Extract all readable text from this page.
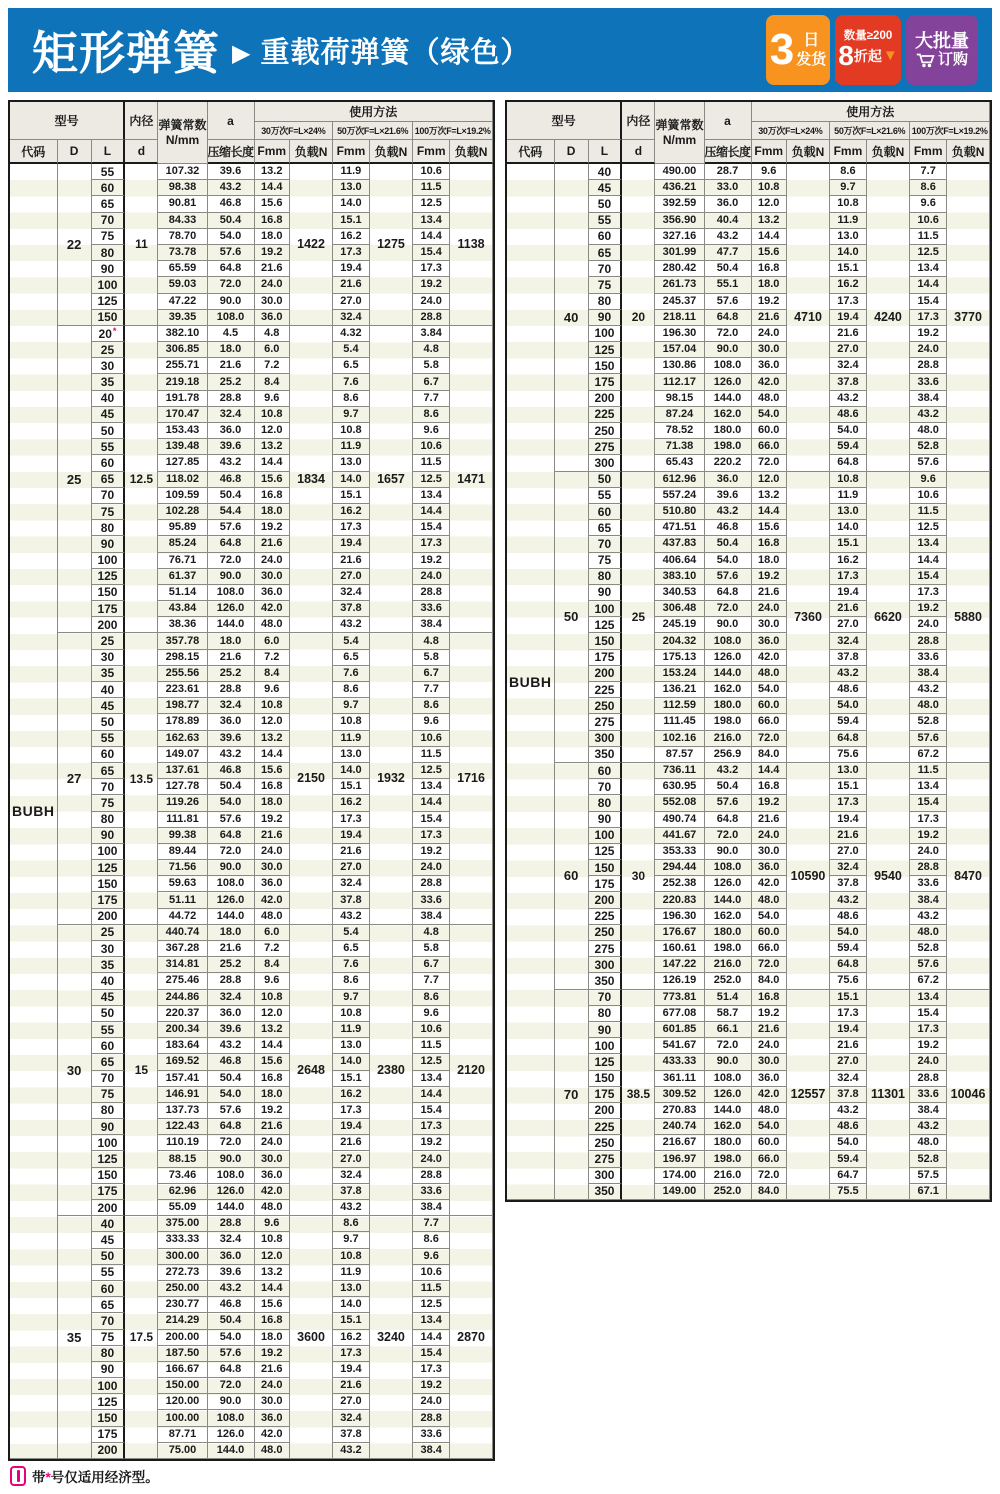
矩形弹簧 ▶ 重载荷弹簧（绿色）	3 日
发货
数量≥200
8 折起 ▼
大批量
订购
型号			内径	弹簧常数
N/mm	a	使用方法					
						30万次F=L×24%		50万次F=L×21.6%		100万次F=L×19.2%	
代码	D	L	d		压缩长度	Fmm	负载N	Fmm	负载N	Fmm	负载N
BUBH	22	55	11	107.32	39.6	13.2	1422	11.9	1275	10.6	1138
		60		98.38	43.2	14.4		13.0		11.5	
		65		90.81	46.8	15.6		14.0		12.5	
		70		84.33	50.4	16.8		15.1		13.4	
		75		78.70	54.0	18.0		16.2		14.4	
		80		73.78	57.6	19.2		17.3		15.4	
		90		65.59	64.8	21.6		19.4		17.3	
		100		59.03	72.0	24.0		21.6		19.2	
		125		47.22	90.0	30.0		27.0		24.0	
		150		39.35	108.0	36.0		32.4		28.8	
	25	20*	12.5	382.10	4.5	4.8	1834	4.32	1657	3.84	1471
		25		306.85	18.0	6.0		5.4		4.8	
		30		255.71	21.6	7.2		6.5		5.8	
		35		219.18	25.2	8.4		7.6		6.7	
		40		191.78	28.8	9.6		8.6		7.7	
		45		170.47	32.4	10.8		9.7		8.6	
		50		153.43	36.0	12.0		10.8		9.6	
		55		139.48	39.6	13.2		11.9		10.6	
		60		127.85	43.2	14.4		13.0		11.5	
		65		118.02	46.8	15.6		14.0		12.5	
		70		109.59	50.4	16.8		15.1		13.4	
		75		102.28	54.4	18.0		16.2		14.4	
		80		95.89	57.6	19.2		17.3		15.4	
		90		85.24	64.8	21.6		19.4		17.3	
		100		76.71	72.0	24.0		21.6		19.2	
		125		61.37	90.0	30.0		27.0		24.0	
		150		51.14	108.0	36.0		32.4		28.8	
		175		43.84	126.0	42.0		37.8		33.6	
		200		38.36	144.0	48.0		43.2		38.4	
	27	25	13.5	357.78	18.0	6.0	2150	5.4	1932	4.8	1716
		30		298.15	21.6	7.2		6.5		5.8	
		35		255.56	25.2	8.4		7.6		6.7	
		40		223.61	28.8	9.6		8.6		7.7	
		45		198.77	32.4	10.8		9.7		8.6	
		50		178.89	36.0	12.0		10.8		9.6	
		55		162.63	39.6	13.2		11.9		10.6	
		60		149.07	43.2	14.4		13.0		11.5	
		65		137.61	46.8	15.6		14.0		12.5	
		70		127.78	50.4	16.8		15.1		13.4	
		75		119.26	54.0	18.0		16.2		14.4	
		80		111.81	57.6	19.2		17.3		15.4	
		90		99.38	64.8	21.6		19.4		17.3	
		100		89.44	72.0	24.0		21.6		19.2	
		125		71.56	90.0	30.0		27.0		24.0	
		150		59.63	108.0	36.0		32.4		28.8	
		175		51.11	126.0	42.0		37.8		33.6	
		200		44.72	144.0	48.0		43.2		38.4	
	30	25	15	440.74	18.0	6.0	2648	5.4	2380	4.8	2120
		30		367.28	21.6	7.2		6.5		5.8	
		35		314.81	25.2	8.4		7.6		6.7	
		40		275.46	28.8	9.6		8.6		7.7	
		45		244.86	32.4	10.8		9.7		8.6	
		50		220.37	36.0	12.0		10.8		9.6	
		55		200.34	39.6	13.2		11.9		10.6	
		60		183.64	43.2	14.4		13.0		11.5	
		65		169.52	46.8	15.6		14.0		12.5	
		70		157.41	50.4	16.8		15.1		13.4	
		75		146.91	54.0	18.0		16.2		14.4	
		80		137.73	57.6	19.2		17.3		15.4	
		90		122.43	64.8	21.6		19.4		17.3	
		100		110.19	72.0	24.0		21.6		19.2	
		125		88.15	90.0	30.0		27.0		24.0	
		150		73.46	108.0	36.0		32.4		28.8	
		175		62.96	126.0	42.0		37.8		33.6	
		200		55.09	144.0	48.0		43.2		38.4	
	35	40	17.5	375.00	28.8	9.6	3600	8.6	3240	7.7	2870
		45		333.33	32.4	10.8		9.7		8.6	
		50		300.00	36.0	12.0		10.8		9.6	
		55		272.73	39.6	13.2		11.9		10.6	
		60		250.00	43.2	14.4		13.0		11.5	
		65		230.77	46.8	15.6		14.0		12.5	
		70		214.29	50.4	16.8		15.1		13.4	
		75		200.00	54.0	18.0		16.2		14.4	
		80		187.50	57.6	19.2		17.3		15.4	
		90		166.67	64.8	21.6		19.4		17.3	
		100		150.00	72.0	24.0		21.6		19.2	
		125		120.00	90.0	30.0		27.0		24.0	
		150		100.00	108.0	36.0		32.4		28.8	
		175		87.71	126.0	42.0		37.8		33.6	
		200		75.00	144.0	48.0		43.2		38.4	
型号			内径	弹簧常数
N/mm	a	使用方法					
						30万次F=L×24%		50万次F=L×21.6%		100万次F=L×19.2%	
代码	D	L	d		压缩长度	Fmm	负载N	Fmm	负载N	Fmm	负载N
BUBH	40	40	20	490.00	28.7	9.6	4710	8.6	4240	7.7	3770
		45		436.21	33.0	10.8		9.7		8.6	
		50		392.59	36.0	12.0		10.8		9.6	
		55		356.90	40.4	13.2		11.9		10.6	
		60		327.16	43.2	14.4		13.0		11.5	
		65		301.99	47.7	15.6		14.0		12.5	
		70		280.42	50.4	16.8		15.1		13.4	
		75		261.73	55.1	18.0		16.2		14.4	
		80		245.37	57.6	19.2		17.3		15.4	
		90		218.11	64.8	21.6		19.4		17.3	
		100		196.30	72.0	24.0		21.6		19.2	
		125		157.04	90.0	30.0		27.0		24.0	
		150		130.86	108.0	36.0		32.4		28.8	
		175		112.17	126.0	42.0		37.8		33.6	
		200		98.15	144.0	48.0		43.2		38.4	
		225		87.24	162.0	54.0		48.6		43.2	
		250		78.52	180.0	60.0		54.0		48.0	
		275		71.38	198.0	66.0		59.4		52.8	
		300		65.43	220.2	72.0		64.8		57.6	
	50	50	25	612.96	36.0	12.0	7360	10.8	6620	9.6	5880
		55		557.24	39.6	13.2		11.9		10.6	
		60		510.80	43.2	14.4		13.0		11.5	
		65		471.51	46.8	15.6		14.0		12.5	
		70		437.83	50.4	16.8		15.1		13.4	
		75		406.64	54.0	18.0		16.2		14.4	
		80		383.10	57.6	19.2		17.3		15.4	
		90		340.53	64.8	21.6		19.4		17.3	
		100		306.48	72.0	24.0		21.6		19.2	
		125		245.19	90.0	30.0		27.0		24.0	
		150		204.32	108.0	36.0		32.4		28.8	
		175		175.13	126.0	42.0		37.8		33.6	
		200		153.24	144.0	48.0		43.2		38.4	
		225		136.21	162.0	54.0		48.6		43.2	
		250		112.59	180.0	60.0		54.0		48.0	
		275		111.45	198.0	66.0		59.4		52.8	
		300		102.16	216.0	72.0		64.8		57.6	
		350		87.57	256.9	84.0		75.6		67.2	
	60	60	30	736.11	43.2	14.4	10590	13.0	9540	11.5	8470
		70		630.95	50.4	16.8		15.1		13.4	
		80		552.08	57.6	19.2		17.3		15.4	
		90		490.74	64.8	21.6		19.4		17.3	
		100		441.67	72.0	24.0		21.6		19.2	
		125		353.33	90.0	30.0		27.0		24.0	
		150		294.44	108.0	36.0		32.4		28.8	
		175		252.38	126.0	42.0		37.8		33.6	
		200		220.83	144.0	48.0		43.2		38.4	
		225		196.30	162.0	54.0		48.6		43.2	
		250		176.67	180.0	60.0		54.0		48.0	
		275		160.61	198.0	66.0		59.4		52.8	
		300		147.22	216.0	72.0		64.8		57.6	
		350		126.19	252.0	84.0		75.6		67.2	
	70	70	38.5	773.81	51.4	16.8	12557	15.1	11301	13.4	10046
		80		677.08	58.7	19.2		17.3		15.4	
		90		601.85	66.1	21.6		19.4		17.3	
		100		541.67	72.0	24.0		21.6		19.2	
		125		433.33	90.0	30.0		27.0		24.0	
		150		361.11	108.0	36.0		32.4		28.8	
		175		309.52	126.0	42.0		37.8		33.6	
		200		270.83	144.0	48.0		43.2		38.4	
		225		240.74	162.0	54.0		48.6		43.2	
		250		216.67	180.0	60.0		54.0		48.0	
		275		196.97	198.0	66.0		59.4		52.8	
		300		174.00	216.0	72.0		64.7		57.5	
		350		149.00	252.0	84.0		75.5		67.1	
带*号仅适用经济型。
